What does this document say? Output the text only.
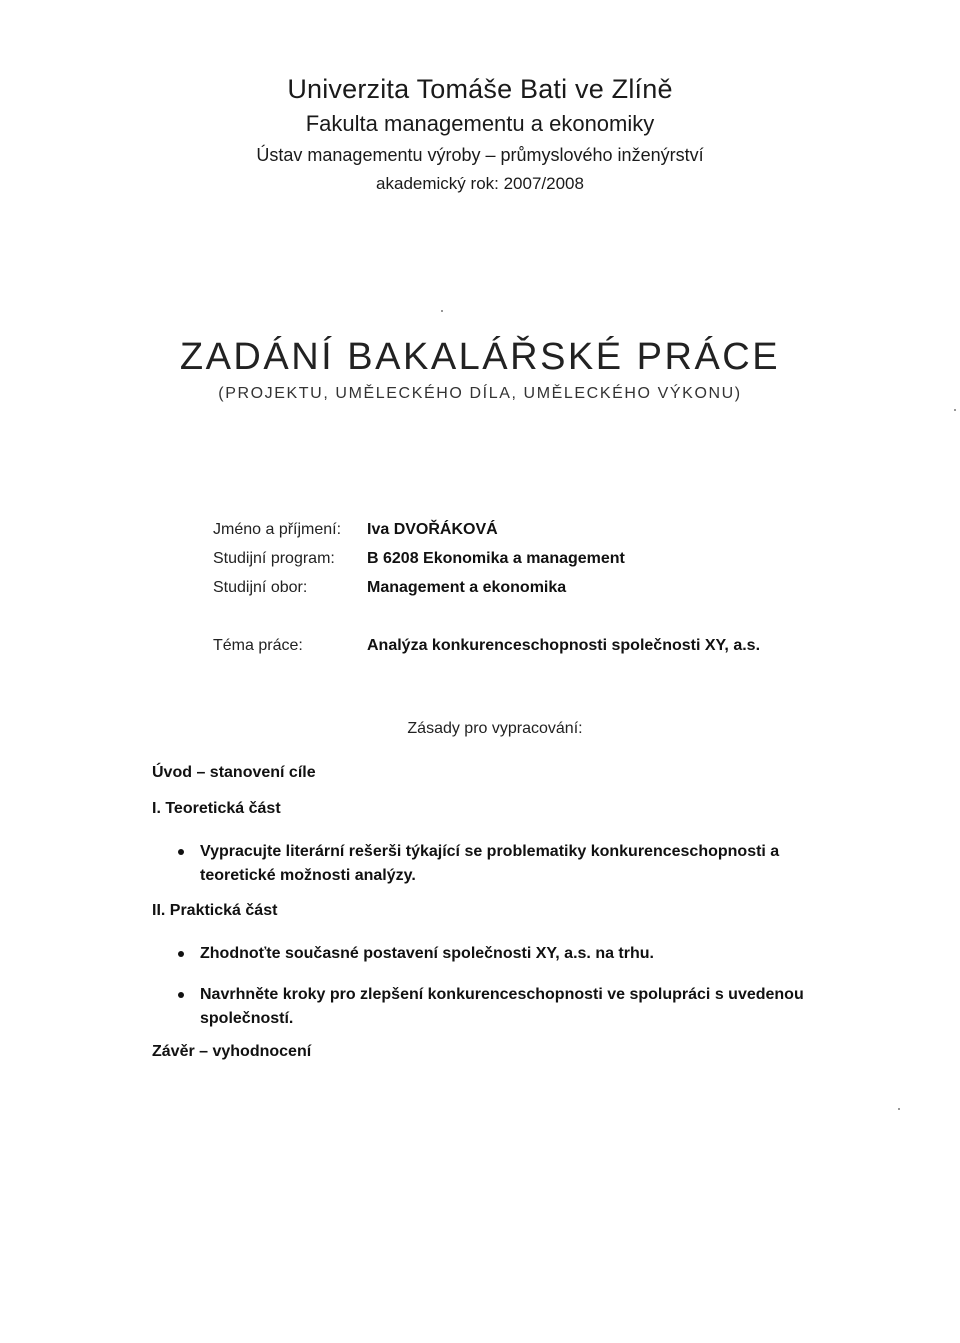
Univerzita Tomáše Bati ve Zlíně
Fakulta managementu a ekonomiky
Ústav managementu výroby – průmyslového inženýrství
akademický rok: 2007/2008
ZADÁNÍ BAKALÁŘSKÉ PRÁCE
(PROJEKTU, UMĚLECKÉHO DÍLA, UMĚLECKÉHO VÝKONU)
Jméno a příjmení: Iva DVOŘÁKOVÁ
Studijní program: B 6208 Ekonomika a management
Studijní obor:	Management a ekonomika
Téma práce:	Analýza konkurenceschopnosti společnosti XY, a.s.
Zásady pro vypracování:
Úvod – stanovení cíle
I. Teoretická část
Vypracujte literární rešerši týkající se problematiky konkurenceschopnosti a teoretické možnosti analýzy.
II. Praktická část
Zhodnoťte současné postavení společnosti XY, a.s. na trhu.
Navrhněte kroky pro zlepšení konkurenceschopnosti ve spolupráci s uvedenou společností.
Závěr – vyhodnocení
